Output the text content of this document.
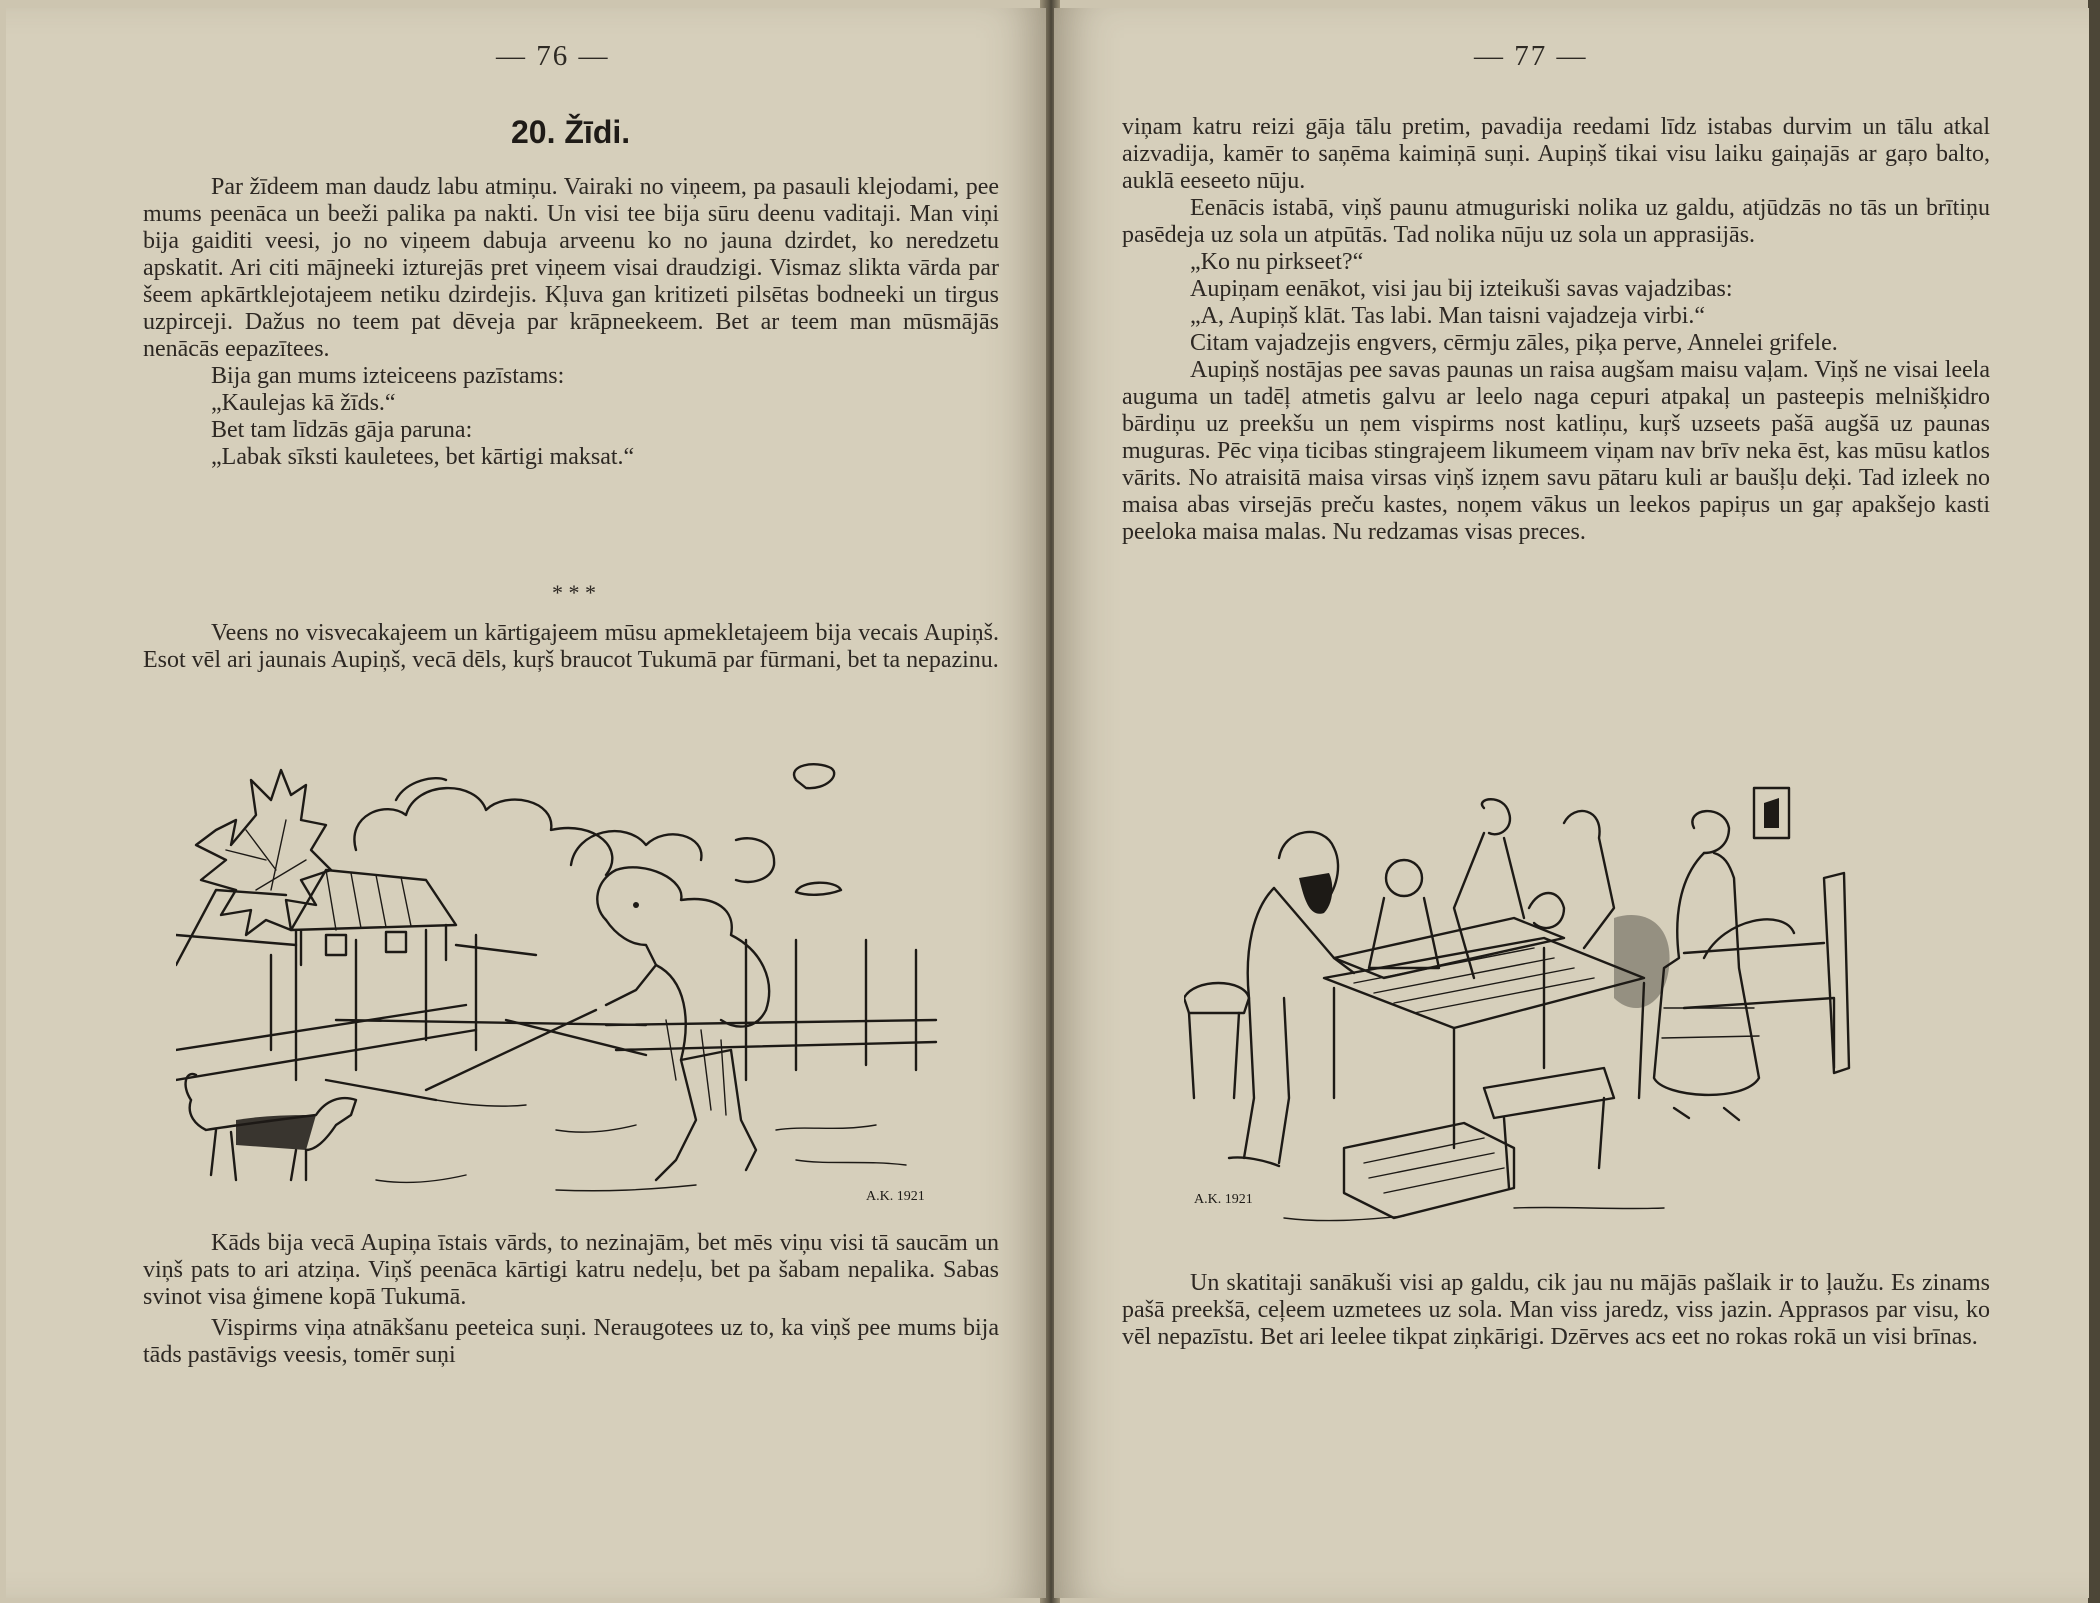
— 76 —
20. Žīdi.

Par žīdeem man daudz labu atmiņu. Vairaki no viņeem, pa pasauli klejodami, pee mums peenāca un beeži palika pa nakti. Un visi tee bija sūru deenu vaditaji. Man viņi bija gaiditi veesi, jo no viņeem dabuja arveenu ko no jauna dzirdet, ko neredzetu apskatit. Ari citi mājneeki izturejās pret viņeem visai draudzigi. Vismaz slikta vārda par šeem apkārtklejotajeem netiku dzirdejis. Kļuva gan kritizeti pilsētas bodneeki un tirgus uzpirceji. Dažus no teem pat dēveja par krāpneekeem. Bet ar teem man mūsmājās nenācās eepazītees.

Bija gan mums izteiceens pazīstams:

„Kaulejas kā žīds.“

Bet tam līdzās gāja paruna:

„Labak sīksti kauletees, bet kārtigi maksat.“

* * *

Veens no visvecakajeem un kārtigajeem mūsu apmekletajeem bija vecais Aupiņš. Esot vēl ari jaunais Aupiņš, vecā dēls, kuŗš braucot Tukumā par fūrmani, bet ta nepazinu.

A.K. 1921

Kāds bija vecā Aupiņa īstais vārds, to nezinajām, bet mēs viņu visi tā saucām un viņš pats to ari atziņa. Viņš peenāca kārtigi katru nedeļu, bet pa šabam nepalika. Sabas svinot visa ģimene kopā Tukumā.

Vispirms viņa atnākšanu peeteica suņi. Neraugotees uz to, ka viņš pee mums bija tāds pastāvigs veesis, tomēr suņi

— 77 —

viņam katru reizi gāja tālu pretim, pavadija reedami līdz istabas durvim un tālu atkal aizvadija, kamēr to saņēma kaimiņā suņi. Aupiņš tikai visu laiku gaiņajās ar gaŗo balto, auklā eeseeto nūju.

Eenācis istabā, viņš paunu atmuguriski nolika uz galdu, atjūdzās no tās un brītiņu pasēdeja uz sola un atpūtās. Tad nolika nūju uz sola un apprasijās.

„Ko nu pirkseet?“

Aupiņam eenākot, visi jau bij izteikuši savas vajadzibas:

„A, Aupiņš klāt. Tas labi. Man taisni vajadzeja virbi.“

Citam vajadzejis engvers, cērmju zāles, piķa perve, Annelei grifele.

Aupiņš nostājas pee savas paunas un raisa augšam maisu vaļam. Viņš ne visai leela auguma un tadēļ atmetis galvu ar leelo naga cepuri atpakaļ un pasteepis melnišķidro bārdiņu uz preekšu un ņem vispirms nost katliņu, kuŗš uzseets pašā augšā uz paunas muguras. Pēc viņa ticibas stingrajeem likumeem viņam nav brīv neka ēst, kas mūsu katlos vārits. No atraisitā maisa virsas viņš izņem savu pātaru kuli ar baušļu deķi. Tad izleek no maisa abas virsejās preču kastes, noņem vākus un leekos papiŗus un gaŗ apakšejo kasti peeloka maisa malas. Nu redzamas visas preces.

A.K. 1921

Un skatitaji sanākuši visi ap galdu, cik jau nu mājās pašlaik ir to ļaužu. Es zinams pašā preekšā, ceļeem uzmetees uz sola. Man viss jaredz, viss jazin. Apprasos par visu, ko vēl nepazīstu. Bet ari leelee tikpat ziņkārigi. Dzērves acs eet no rokas rokā un visi brīnas.
